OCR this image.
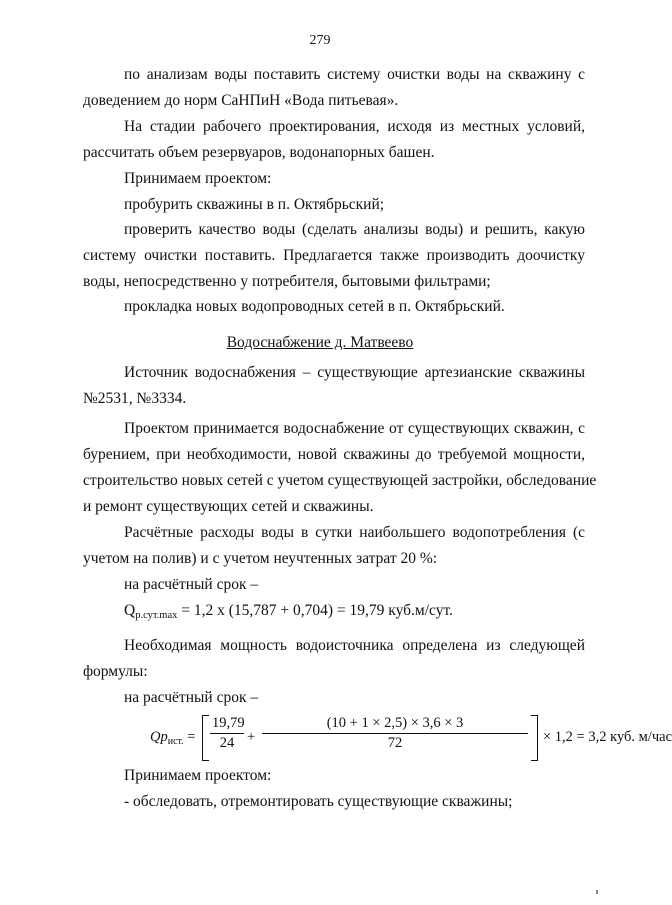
279
по анализам воды поставить систему очистки воды на скважину с
доведением до норм СаНПиН «Вода питьевая».
На стадии рабочего проектирования, исходя из местных условий,
рассчитать объем резервуаров, водонапорных башен.
Принимаем проектом:
пробурить скважины в п. Октябрьский;
проверить качество воды (сделать анализы воды) и решить, какую
систему очистки поставить. Предлагается также производить доочистку
воды, непосредственно у потребителя, бытовыми фильтрами;
прокладка новых водопроводных сетей в п. Октябрьский.
Водоснабжение д. Матвеево
Источник водоснабжения – существующие артезианские скважины
№2531, №3334.
Проектом принимается водоснабжение от существующих скважин, с
бурением, при необходимости, новой скважины до требуемой мощности,
строительство новых сетей с учетом существующей застройки, обследование
и ремонт существующих сетей и скважины.
Расчётные расходы воды в сутки наибольшего водопотребления (с
учетом на полив) и с учетом неучтенных затрат 20 %:
на расчётный срок –
$Q_{р.сут.max} = 1,2$ x (15,787 + 0,704) = 19,79 куб.м/сут.
Необходимая мощность водоисточника определена из следующей
формулы:
на расчётный срок –
$Qp_{ист.} = \frac{19,79}{24} + \frac{(10 + 1 \times 2,5) \times 3,6 \times 3}{72} \times 1,2 = 3,2$ куб. м/час
Принимаем проектом:
- обследовать, отремонтировать существующие скважины;
